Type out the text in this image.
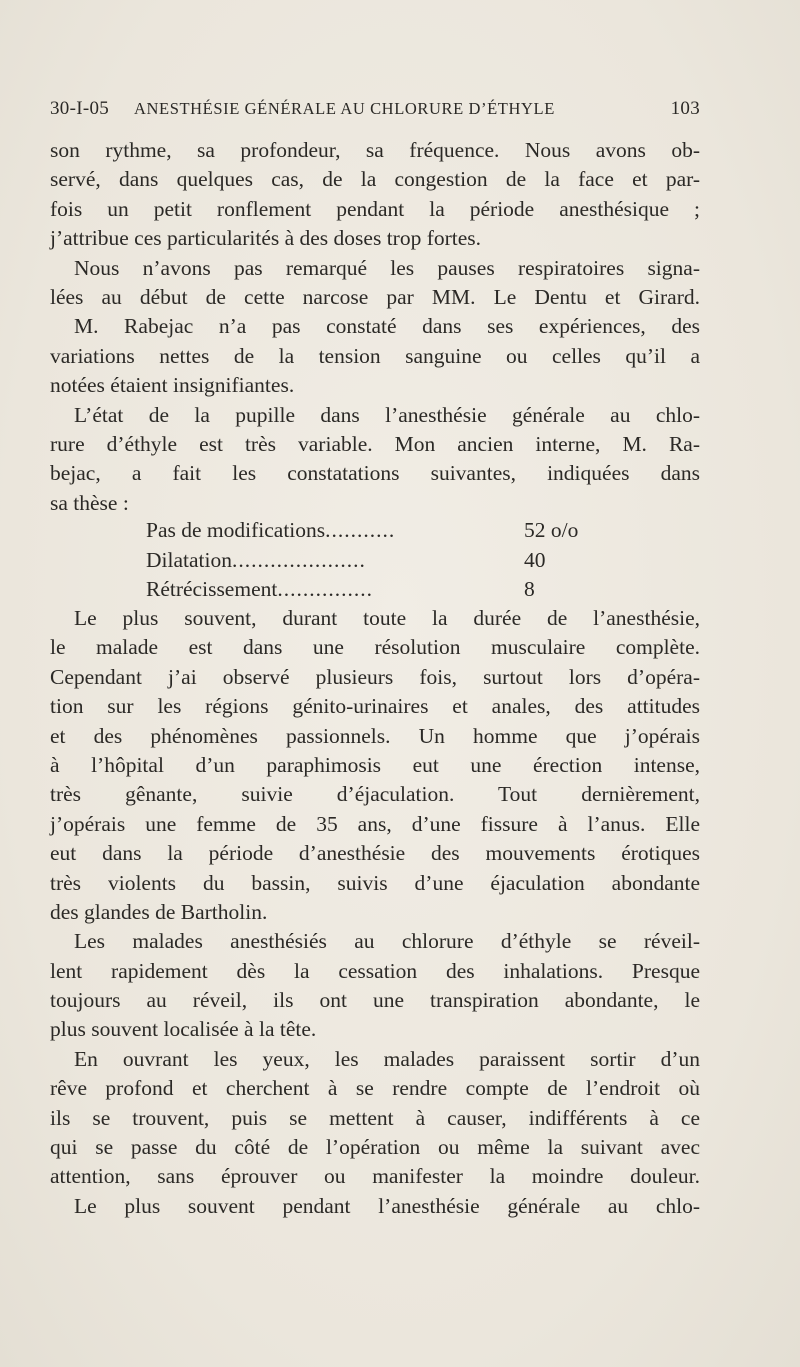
30-I-05 ANESTHÉSIE GÉNÉRALE AU CHLORURE D’ÉTHYLE	103
son rythme, sa profondeur, sa fréquence. Nous avons ob-
servé, dans quelques cas, de la congestion de la face et par-
fois un petit ronflement pendant la période anesthésique ;
j’attribue ces particularités à des doses trop fortes.
Nous n’avons pas remarqué les pauses respiratoires signa-
lées au début de cette narcose par MM. Le Dentu et Girard.
M. Rabejac n’a pas constaté dans ses expériences, des
variations nettes de la tension sanguine ou celles qu’il a
notées étaient insignifiantes.
L’état de la pupille dans l’anesthésie générale au chlo-
rure d’éthyle est très variable. Mon ancien interne, M. Ra-
bejac, a fait les constatations suivantes, indiquées dans
sa thèse :
Pas de modifications...........	52 o/o
Dilatation.....................	40
Rétrécissement...............	8
Le plus souvent, durant toute la durée de l’anesthésie,
le malade est dans une résolution musculaire complète.
Cependant j’ai observé plusieurs fois, surtout lors d’opéra-
tion sur les régions génito-urinaires et anales, des attitudes
et des phénomènes passionnels. Un homme que j’opérais
à l’hôpital d’un paraphimosis eut une érection intense,
très gênante, suivie d’éjaculation. Tout dernièrement,
j’opérais une femme de 35 ans, d’une fissure à l’anus. Elle
eut dans la période d’anesthésie des mouvements érotiques
très violents du bassin, suivis d’une éjaculation abondante
des glandes de Bartholin.
Les malades anesthésiés au chlorure d’éthyle se réveil-
lent rapidement dès la cessation des inhalations. Presque
toujours au réveil, ils ont une transpiration abondante, le
plus souvent localisée à la tête.
En ouvrant les yeux, les malades paraissent sortir d’un
rêve profond et cherchent à se rendre compte de l’endroit où
ils se trouvent, puis se mettent à causer, indifférents à ce
qui se passe du côté de l’opération ou même la suivant avec
attention, sans éprouver ou manifester la moindre douleur.
Le plus souvent pendant l’anesthésie générale au chlo-
